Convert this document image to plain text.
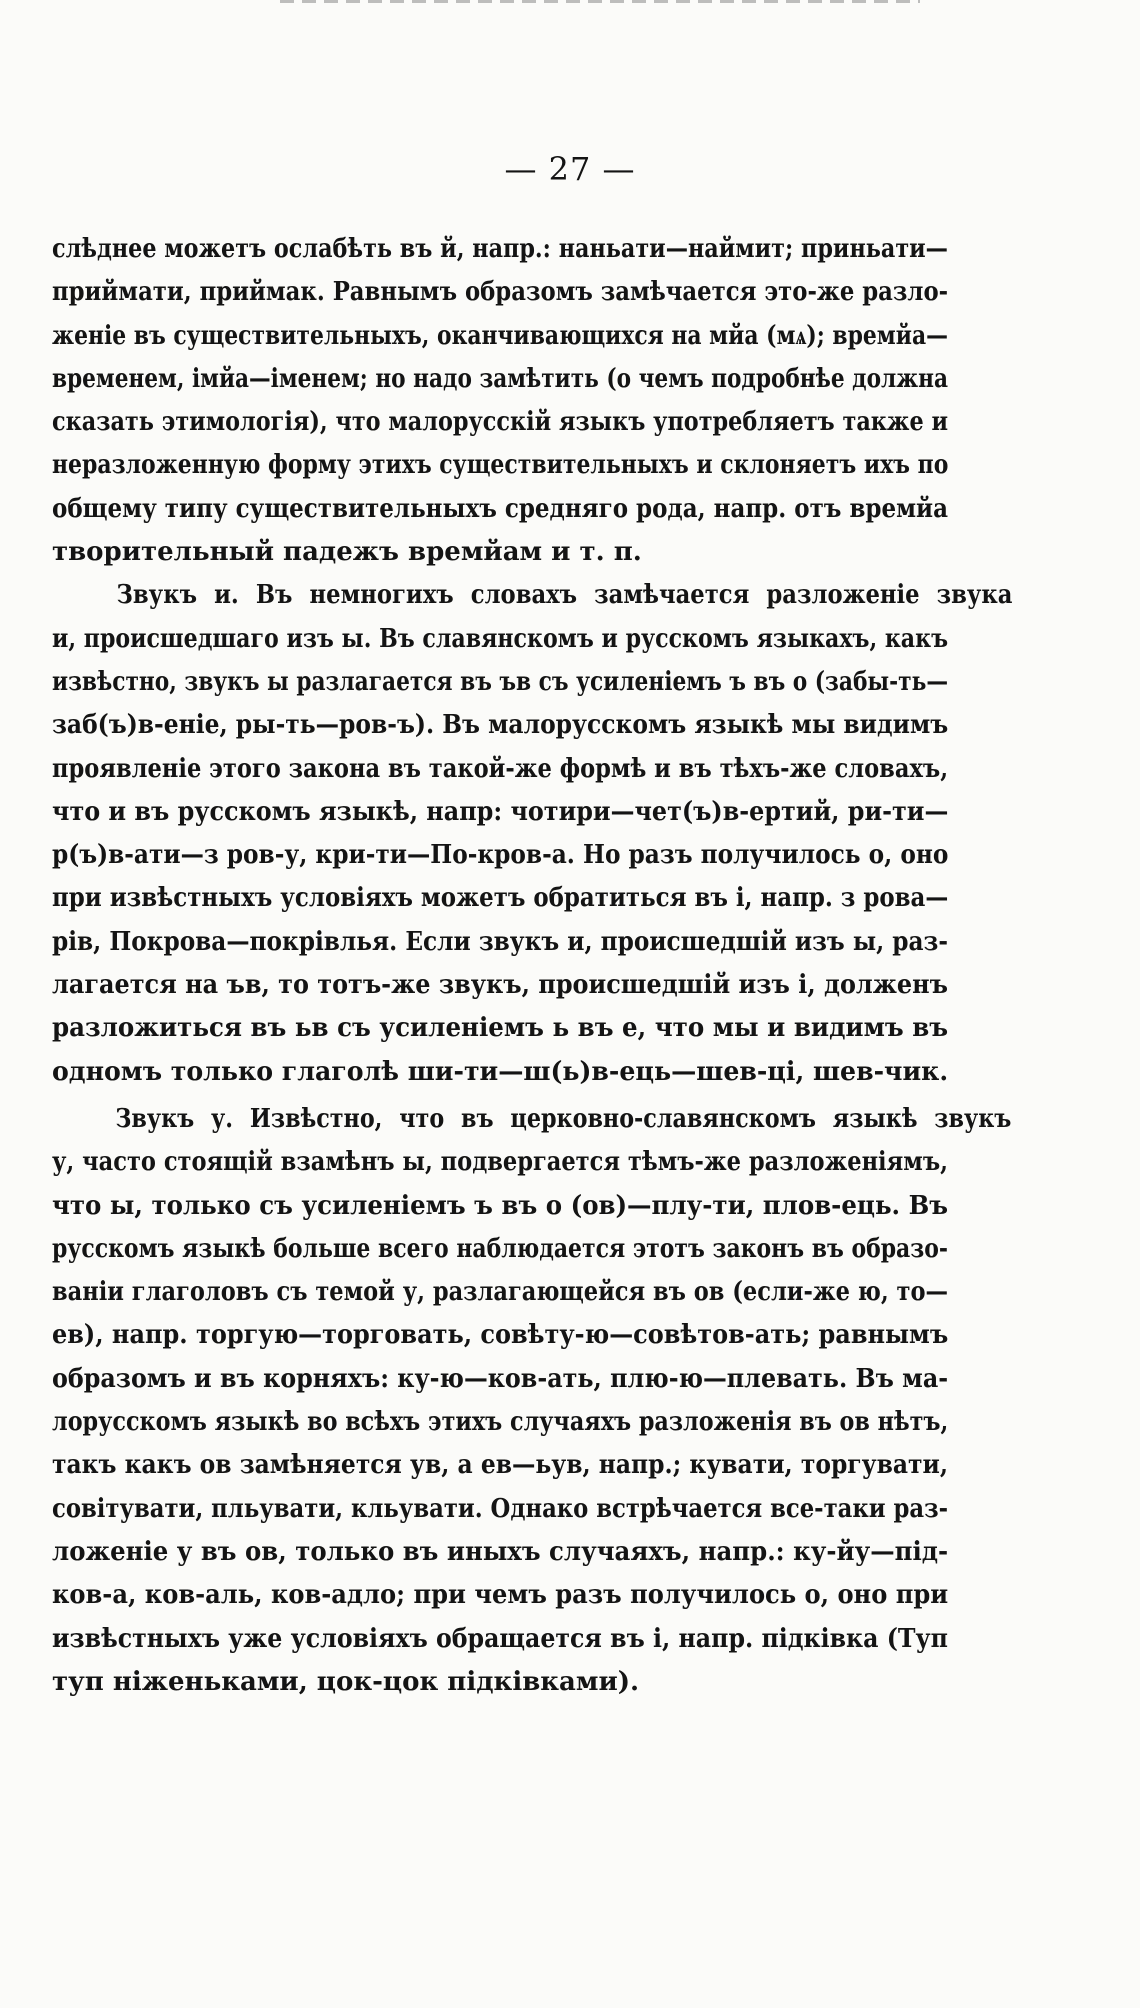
— 27 —
слѣднее можетъ ослабѣть въ й, напр.: наньати—наймит; приньати—
приймати, приймак. Равнымъ образомъ замѣчается это-же разло-
женіе въ существительныхъ, оканчивающихся на мйа (мѧ); времйа—
временем, імйа—іменем; но надо замѣтить (о чемъ подробнѣе должна
сказать этимологія), что малорусскій языкъ употребляетъ также и
неразложенную форму этихъ существительныхъ и склоняетъ ихъ по
общему типу существительныхъ средняго рода, напр. отъ времйа
творительный падежъ времйам и т. п.
Звукъ и. Въ немногихъ словахъ замѣчается разложеніе звука
и, происшедшаго изъ ы. Въ славянскомъ и русскомъ языкахъ, какъ
извѣстно, звукъ ы разлагается въ ъв съ усиленіемъ ъ въ о (забы-ть—
заб(ъ)в-еніе, ры-ть—ров-ъ). Въ малорусскомъ языкѣ мы видимъ
проявленіе этого закона въ такой-же формѣ и въ тѣхъ-же словахъ,
что и въ русскомъ языкѣ, напр: чотири—чет(ъ)в-ертий, ри-ти—
р(ъ)в-ати—з ров-у, кри-ти—По-кров-а. Но разъ получилось о, оно
при извѣстныхъ условіяхъ можетъ обратиться въ і, напр. з рова—
рів, Покрова—покрівлья. Если звукъ и, происшедшій изъ ы, раз-
лагается на ъв, то тотъ-же звукъ, происшедшій изъ і, долженъ
разложиться въ ьв съ усиленіемъ ь въ е, что мы и видимъ въ
одномъ только глаголѣ ши-ти—ш(ь)в-ець—шев-ці, шев-чик.
Звукъ у. Извѣстно, что въ церковно-славянскомъ языкѣ звукъ
у, часто стоящій взамѣнъ ы, подвергается тѣмъ-же разложеніямъ,
что ы, только съ усиленіемъ ъ въ о (ов)—плу-ти, плов-ець. Въ
русскомъ языкѣ больше всего наблюдается этотъ законъ въ образо-
ваніи глаголовъ съ темой у, разлагающейся въ ов (если-же ю, то—
ев), напр. торгую—торговать, совѣту-ю—совѣтов-ать; равнымъ
образомъ и въ корняхъ: ку-ю—ков-ать, плю-ю—плевать. Въ ма-
лорусскомъ языкѣ во всѣхъ этихъ случаяхъ разложенія въ ов нѣтъ,
такъ какъ ов замѣняется ув, а ев—ьув, напр.; кувати, торгувати,
совітувати, пльувати, кльувати. Однако встрѣчается все-таки раз-
ложеніе у въ ов, только въ иныхъ случаяхъ, напр.: ку-йу—під-
ков-а, ков-аль, ков-адло; при чемъ разъ получилось о, оно при
извѣстныхъ уже условіяхъ обращается въ і, напр. підківка (Туп
туп ніженьками, цок-цок підківками).
